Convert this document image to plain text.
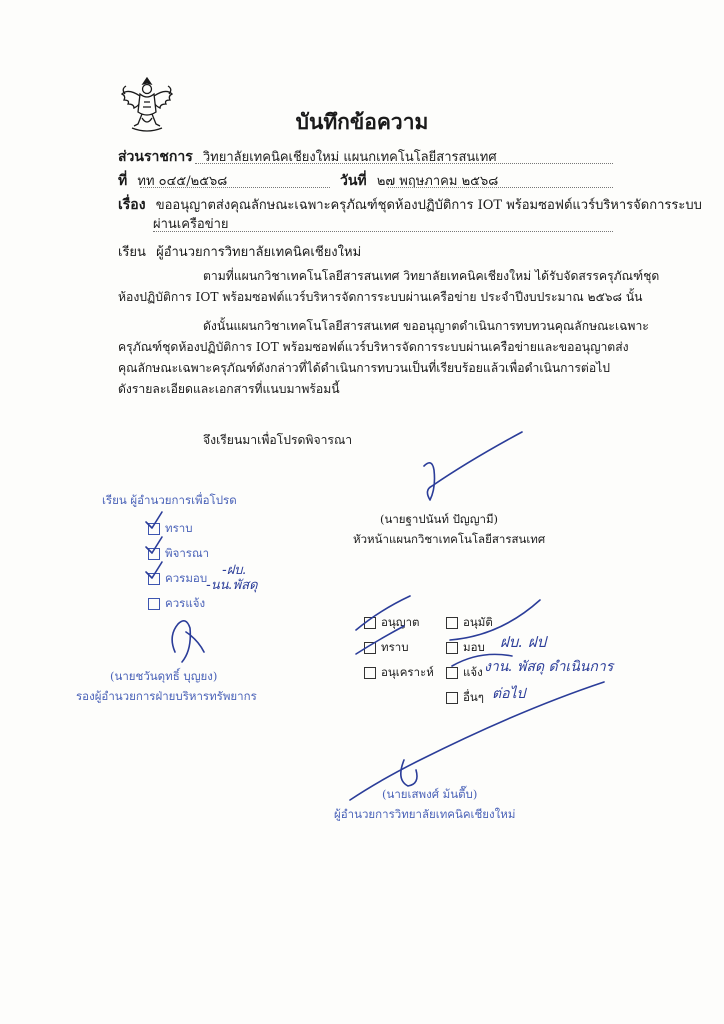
บันทึกข้อความ
ส่วนราชการ วิทยาลัยเทคนิคเชียงใหม่ แผนกเทคโนโลยีสารสนเทศ
ที่ ทท ๐๔๕/๒๕๖๘	วันที่ ๒๗ พฤษภาคม ๒๕๖๘
เรื่อง ขออนุญาตส่งคุณลักษณะเฉพาะครุภัณฑ์ชุดห้องปฏิบัติการ IOT พร้อมซอฟต์แวร์บริหารจัดการระบบ
ผ่านเครือข่าย
เรียน ผู้อำนวยการวิทยาลัยเทคนิคเชียงใหม่
ตามที่แผนกวิชาเทคโนโลยีสารสนเทศ วิทยาลัยเทคนิคเชียงใหม่ ได้รับจัดสรรครุภัณฑ์ชุด
ห้องปฏิบัติการ IOT พร้อมซอฟต์แวร์บริหารจัดการระบบผ่านเครือข่าย ประจำปีงบประมาณ ๒๕๖๘ นั้น
ดังนั้นแผนกวิชาเทคโนโลยีสารสนเทศ ขออนุญาตดำเนินการทบทวนคุณลักษณะเฉพาะ
ครุภัณฑ์ชุดห้องปฏิบัติการ IOT พร้อมซอฟต์แวร์บริหารจัดการระบบผ่านเครือข่ายและขออนุญาตส่ง
คุณลักษณะเฉพาะครุภัณฑ์ดังกล่าวที่ได้ดำเนินการทบวนเป็นที่เรียบร้อยแล้วเพื่อดำเนินการต่อไป
ดังรายละเอียดและเอกสารที่แนบมาพร้อมนี้
จึงเรียนมาเพื่อโปรดพิจารณา
(นายฐาปนันท์ ปัญญามี)
หัวหน้าแผนกวิชาเทคโนโลยีสารสนเทศ
เรียน ผู้อำนวยการเพื่อโปรด
ทราบ
พิจารณา
ควรมอบ
ควรแจ้ง
-ฝบ.
-นน.พัสดุ
(นายชวันดุทธิ์ บุญยง)
รองผู้อำนวยการฝ่ายบริหารทรัพยากร
อนุญาต
ทราบ
อนุเคราะห์
อนุมัติ
มอบ
แจ้ง
อื่นๆ
ฝบ. ฝป
งาน. พัสดุ ดำเนินการ
ต่อไป
(นายเสพงศ์ ม้นตื๊บ)
ผู้อำนวยการวิทยาลัยเทคนิคเชียงใหม่
